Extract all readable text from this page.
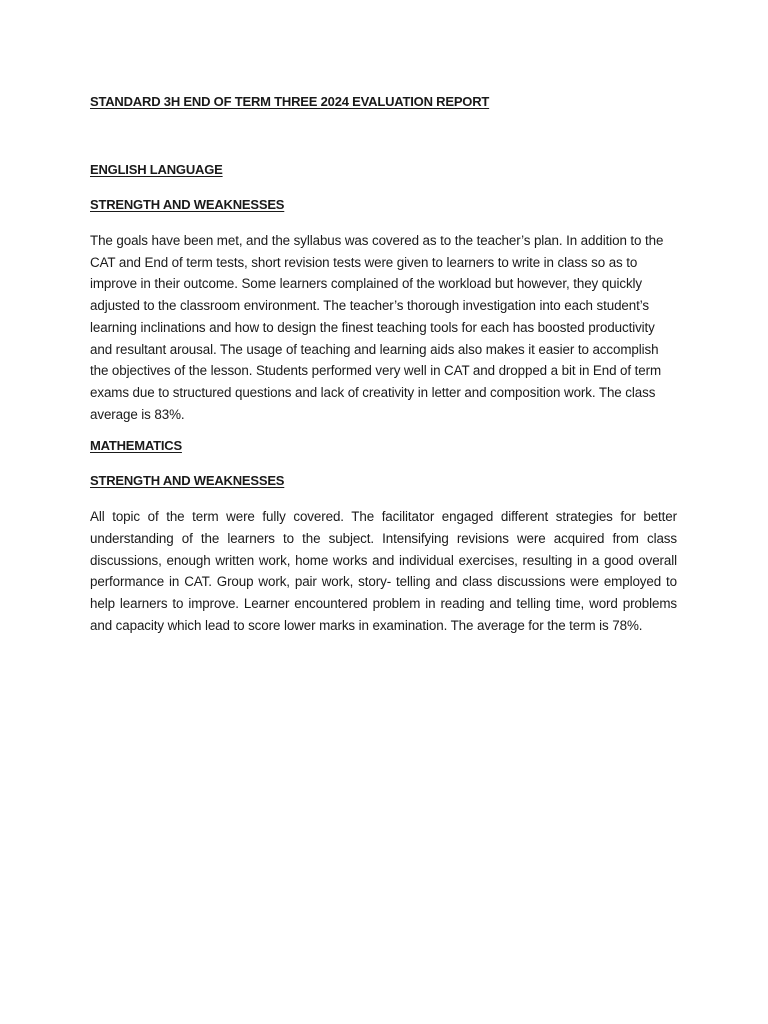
STANDARD 3H END OF TERM THREE 2024 EVALUATION REPORT

ENGLISH LANGUAGE

STRENGTH AND WEAKNESSES

The goals have been met, and the syllabus was covered as to the teacher’s plan. In addition to the CAT and End of term tests, short revision tests were given to learners to write in class so as to improve in their outcome. Some learners complained of the workload but however, they quickly adjusted to the classroom environment. The teacher’s thorough investigation into each student’s learning inclinations and how to design the finest teaching tools for each has boosted productivity and resultant arousal. The usage of teaching and learning aids also makes it easier to accomplish the objectives of the lesson. Students performed very well in CAT and dropped a bit in End of term exams due to structured questions and lack of creativity in letter and composition work. The class average is 83%.

MATHEMATICS

STRENGTH AND WEAKNESSES

All topic of the term were fully covered. The facilitator engaged different strategies for better understanding of the learners to the subject. Intensifying revisions were acquired from class discussions, enough written work, home works and individual exercises, resulting in a good overall performance in CAT. Group work, pair work, story- telling and class discussions were employed to help learners to improve. Learner encountered problem in reading and telling time, word problems and capacity which lead to score lower marks in examination. The average for the term is 78%.
